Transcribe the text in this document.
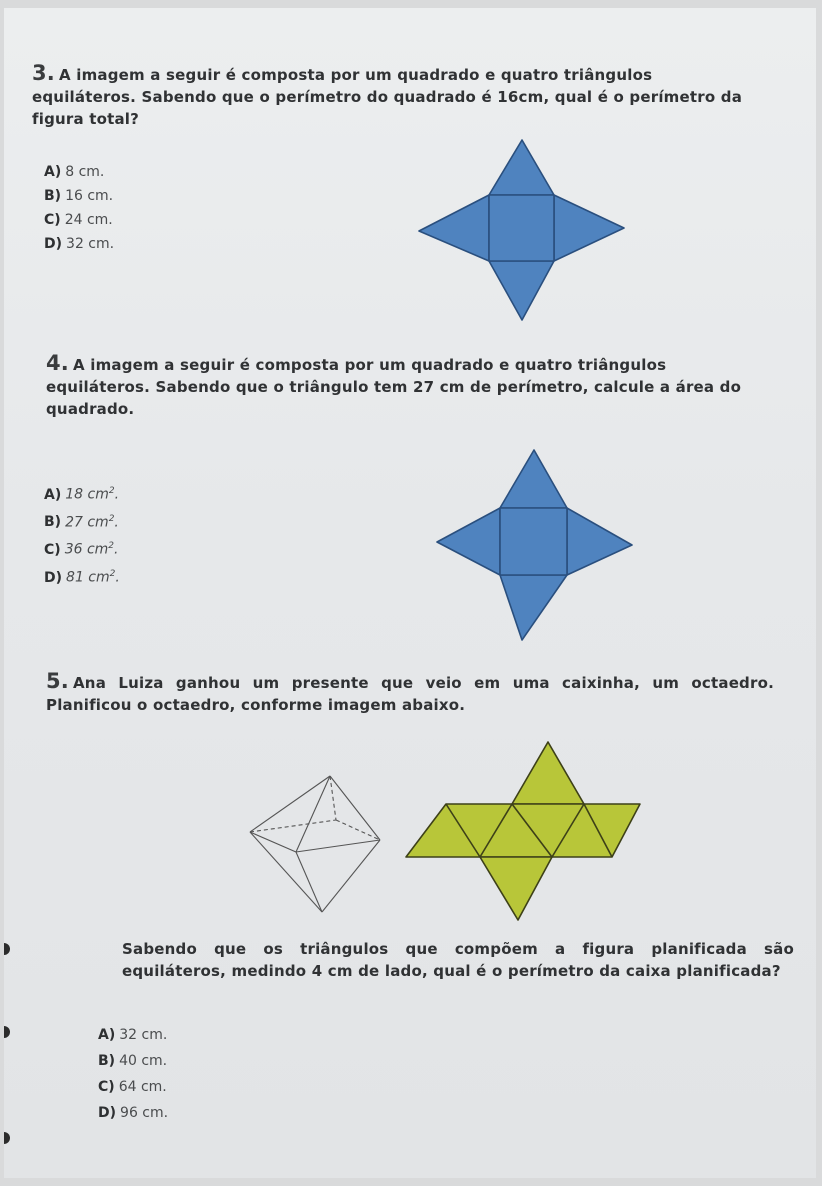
3. A imagem a seguir é composta por um quadrado e quatro triângulos equiláteros. Sabendo que o perímetro do quadrado é 16cm, qual é o perímetro da figura total?
A) 8 cm.
B) 16 cm.
C) 24 cm.
D) 32 cm.
4. A imagem a seguir é composta por um quadrado e quatro triângulos equiláteros. Sabendo que o triângulo tem 27 cm de perímetro, calcule a área do quadrado.
A) 18 $cm^2$.
B) 27 $cm^2$.
C) 36 $cm^2$.
D) 81 $cm^2$.
5. Ana Luiza ganhou um presente que veio em uma caixinha, um octaedro. Planificou o octaedro, conforme imagem abaixo.
Sabendo que os triângulos que compõem a figura planificada são equiláteros, medindo 4 cm de lado, qual é o perímetro da caixa planificada?
A) 32 cm.
B) 40 cm.
C) 64 cm.
D) 96 cm.
